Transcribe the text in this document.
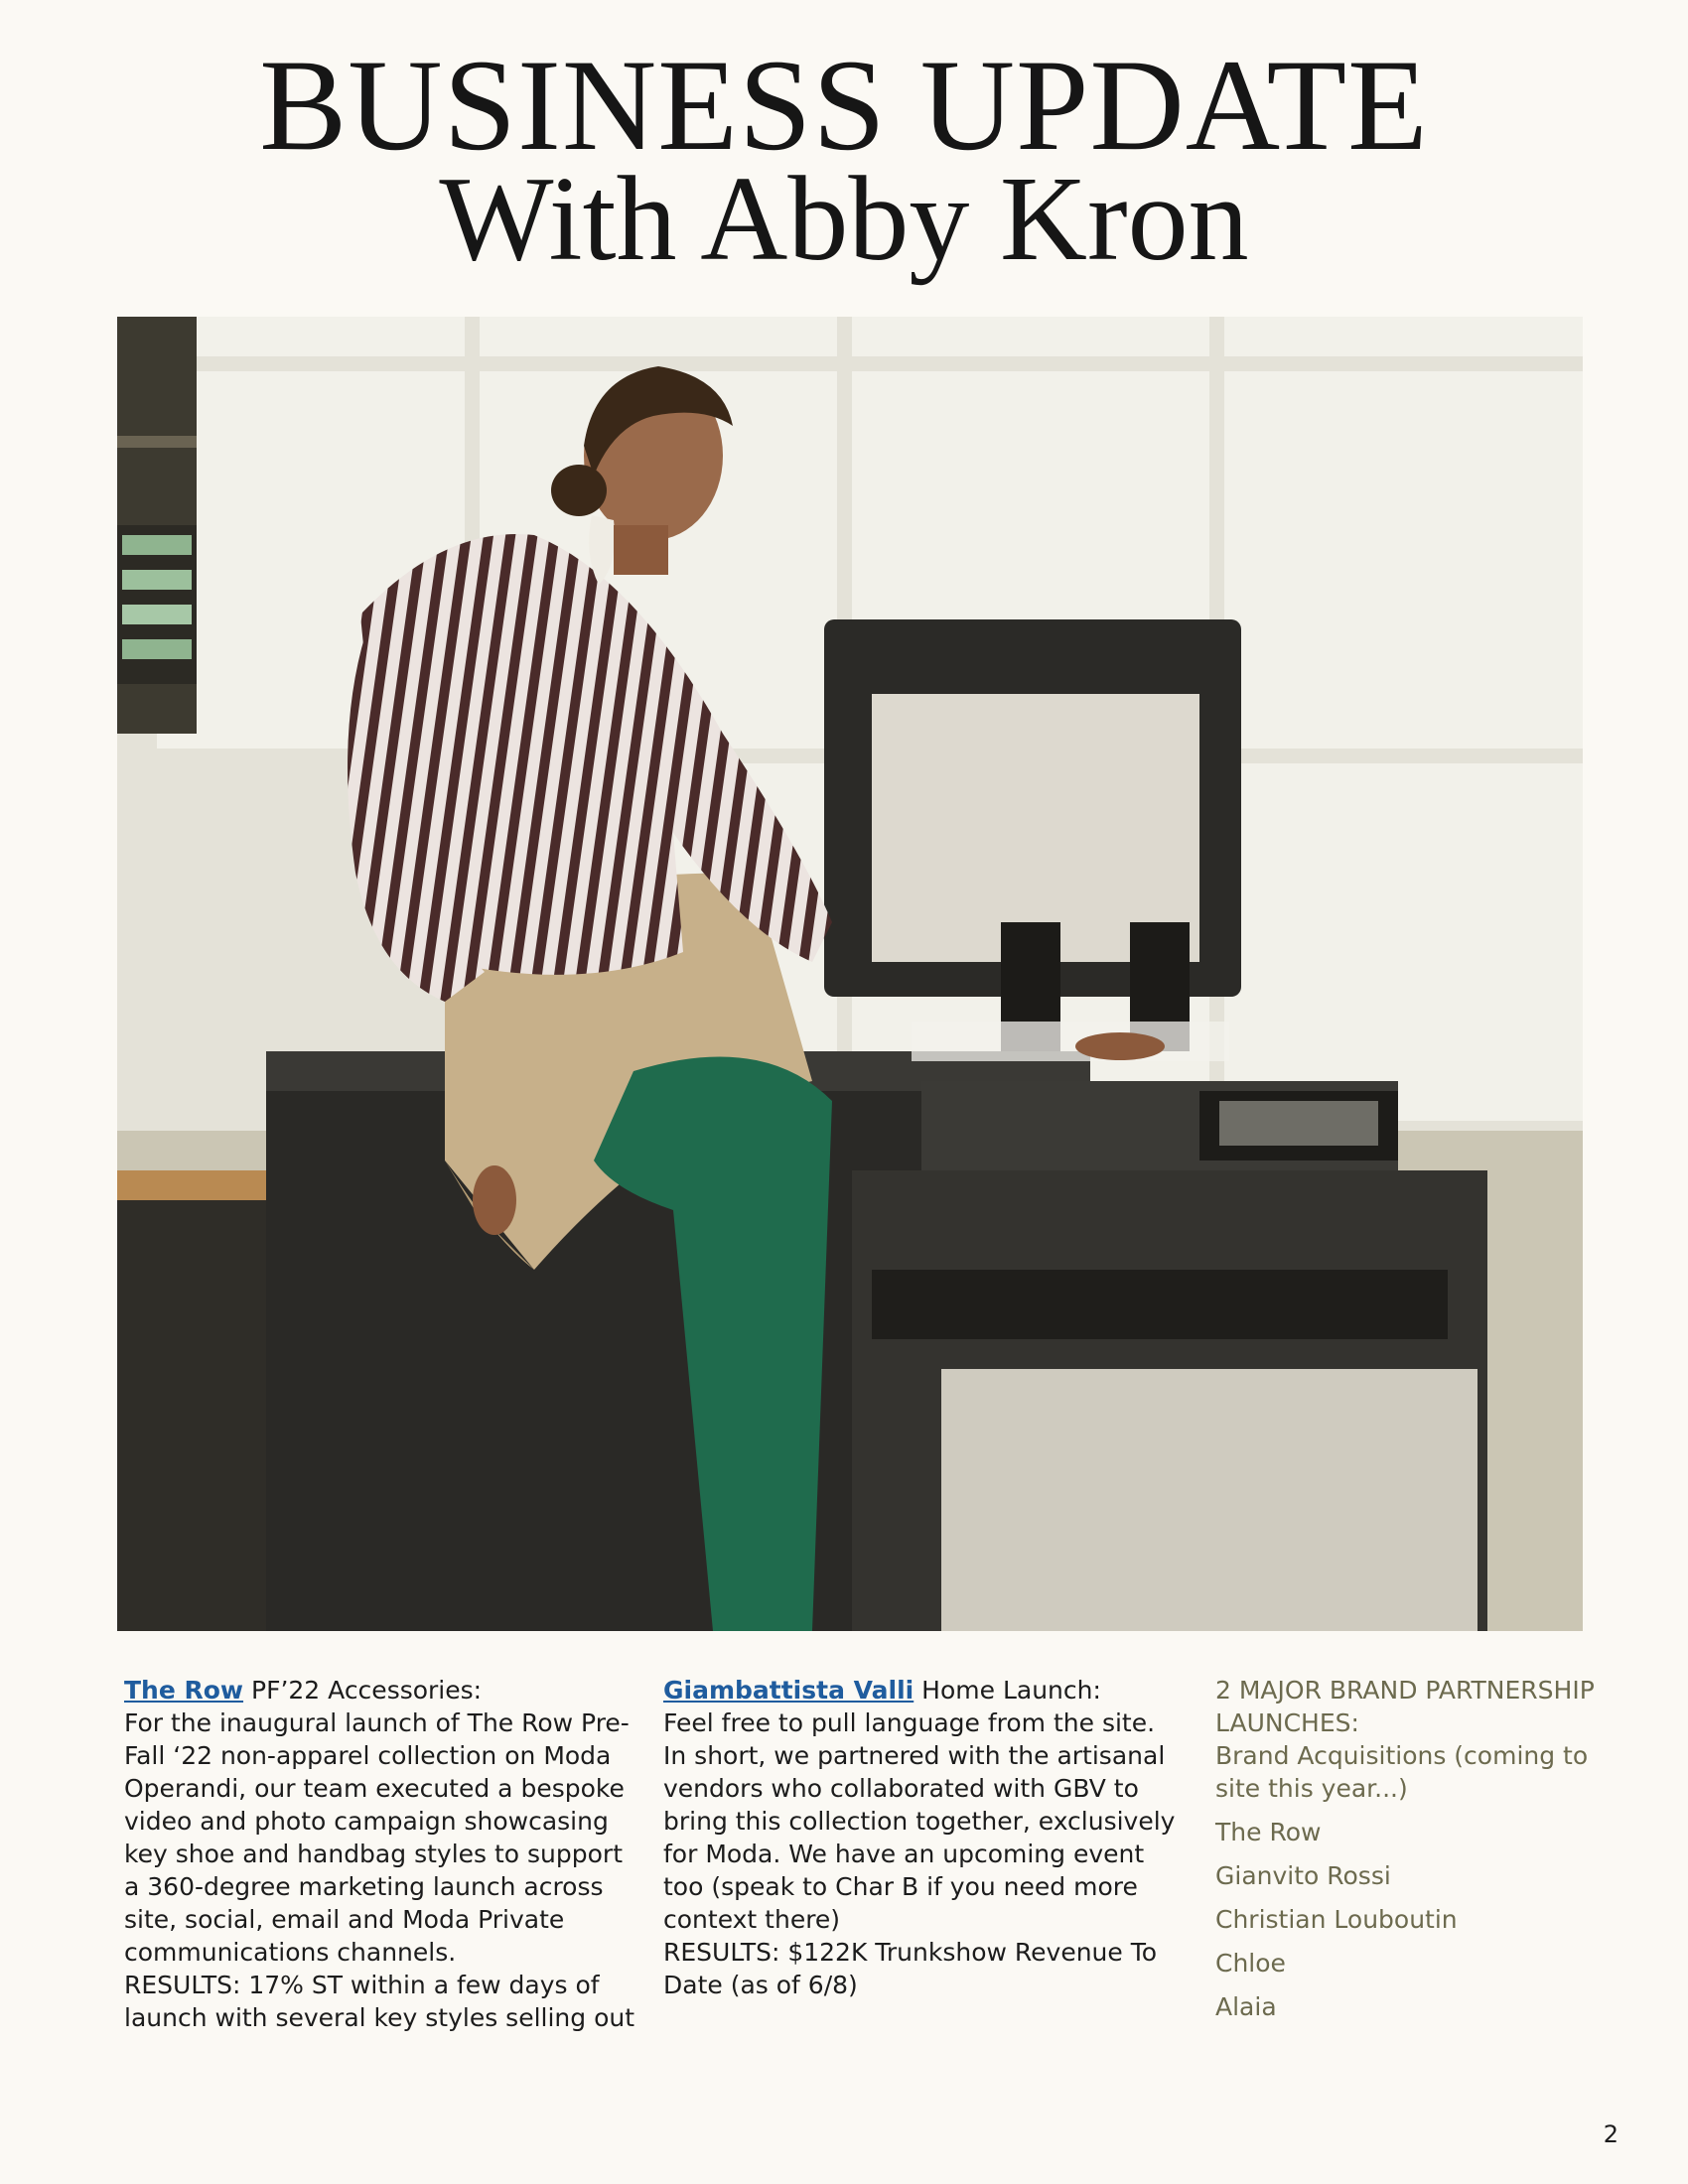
BUSINESS UPDATE
With Abby Kron

The Row PF’22 Accessories:

For the inaugural launch of The Row Pre-Fall ‘22 non-apparel collection on Moda Operandi, our team executed a bespoke video and photo campaign showcasing key shoe and handbag styles to support a 360-degree marketing launch across site, social, email and Moda Private communications channels.

RESULTS: 17% ST within a few days of launch with several key styles selling out

Giambattista Valli Home Launch:

Feel free to pull language from the site. In short, we partnered with the artisanal vendors who collaborated with GBV to bring this collection together, exclusively for Moda. We have an upcoming event too (speak to Char B if you need more context there)

RESULTS: $122K Trunkshow Revenue To Date (as of 6/8)

2 MAJOR BRAND PARTNERSHIP LAUNCHES:

Brand Acquisitions (coming to site this year...)
The Row
Gianvito Rossi
Christian Louboutin
Chloe
Alaia
2
